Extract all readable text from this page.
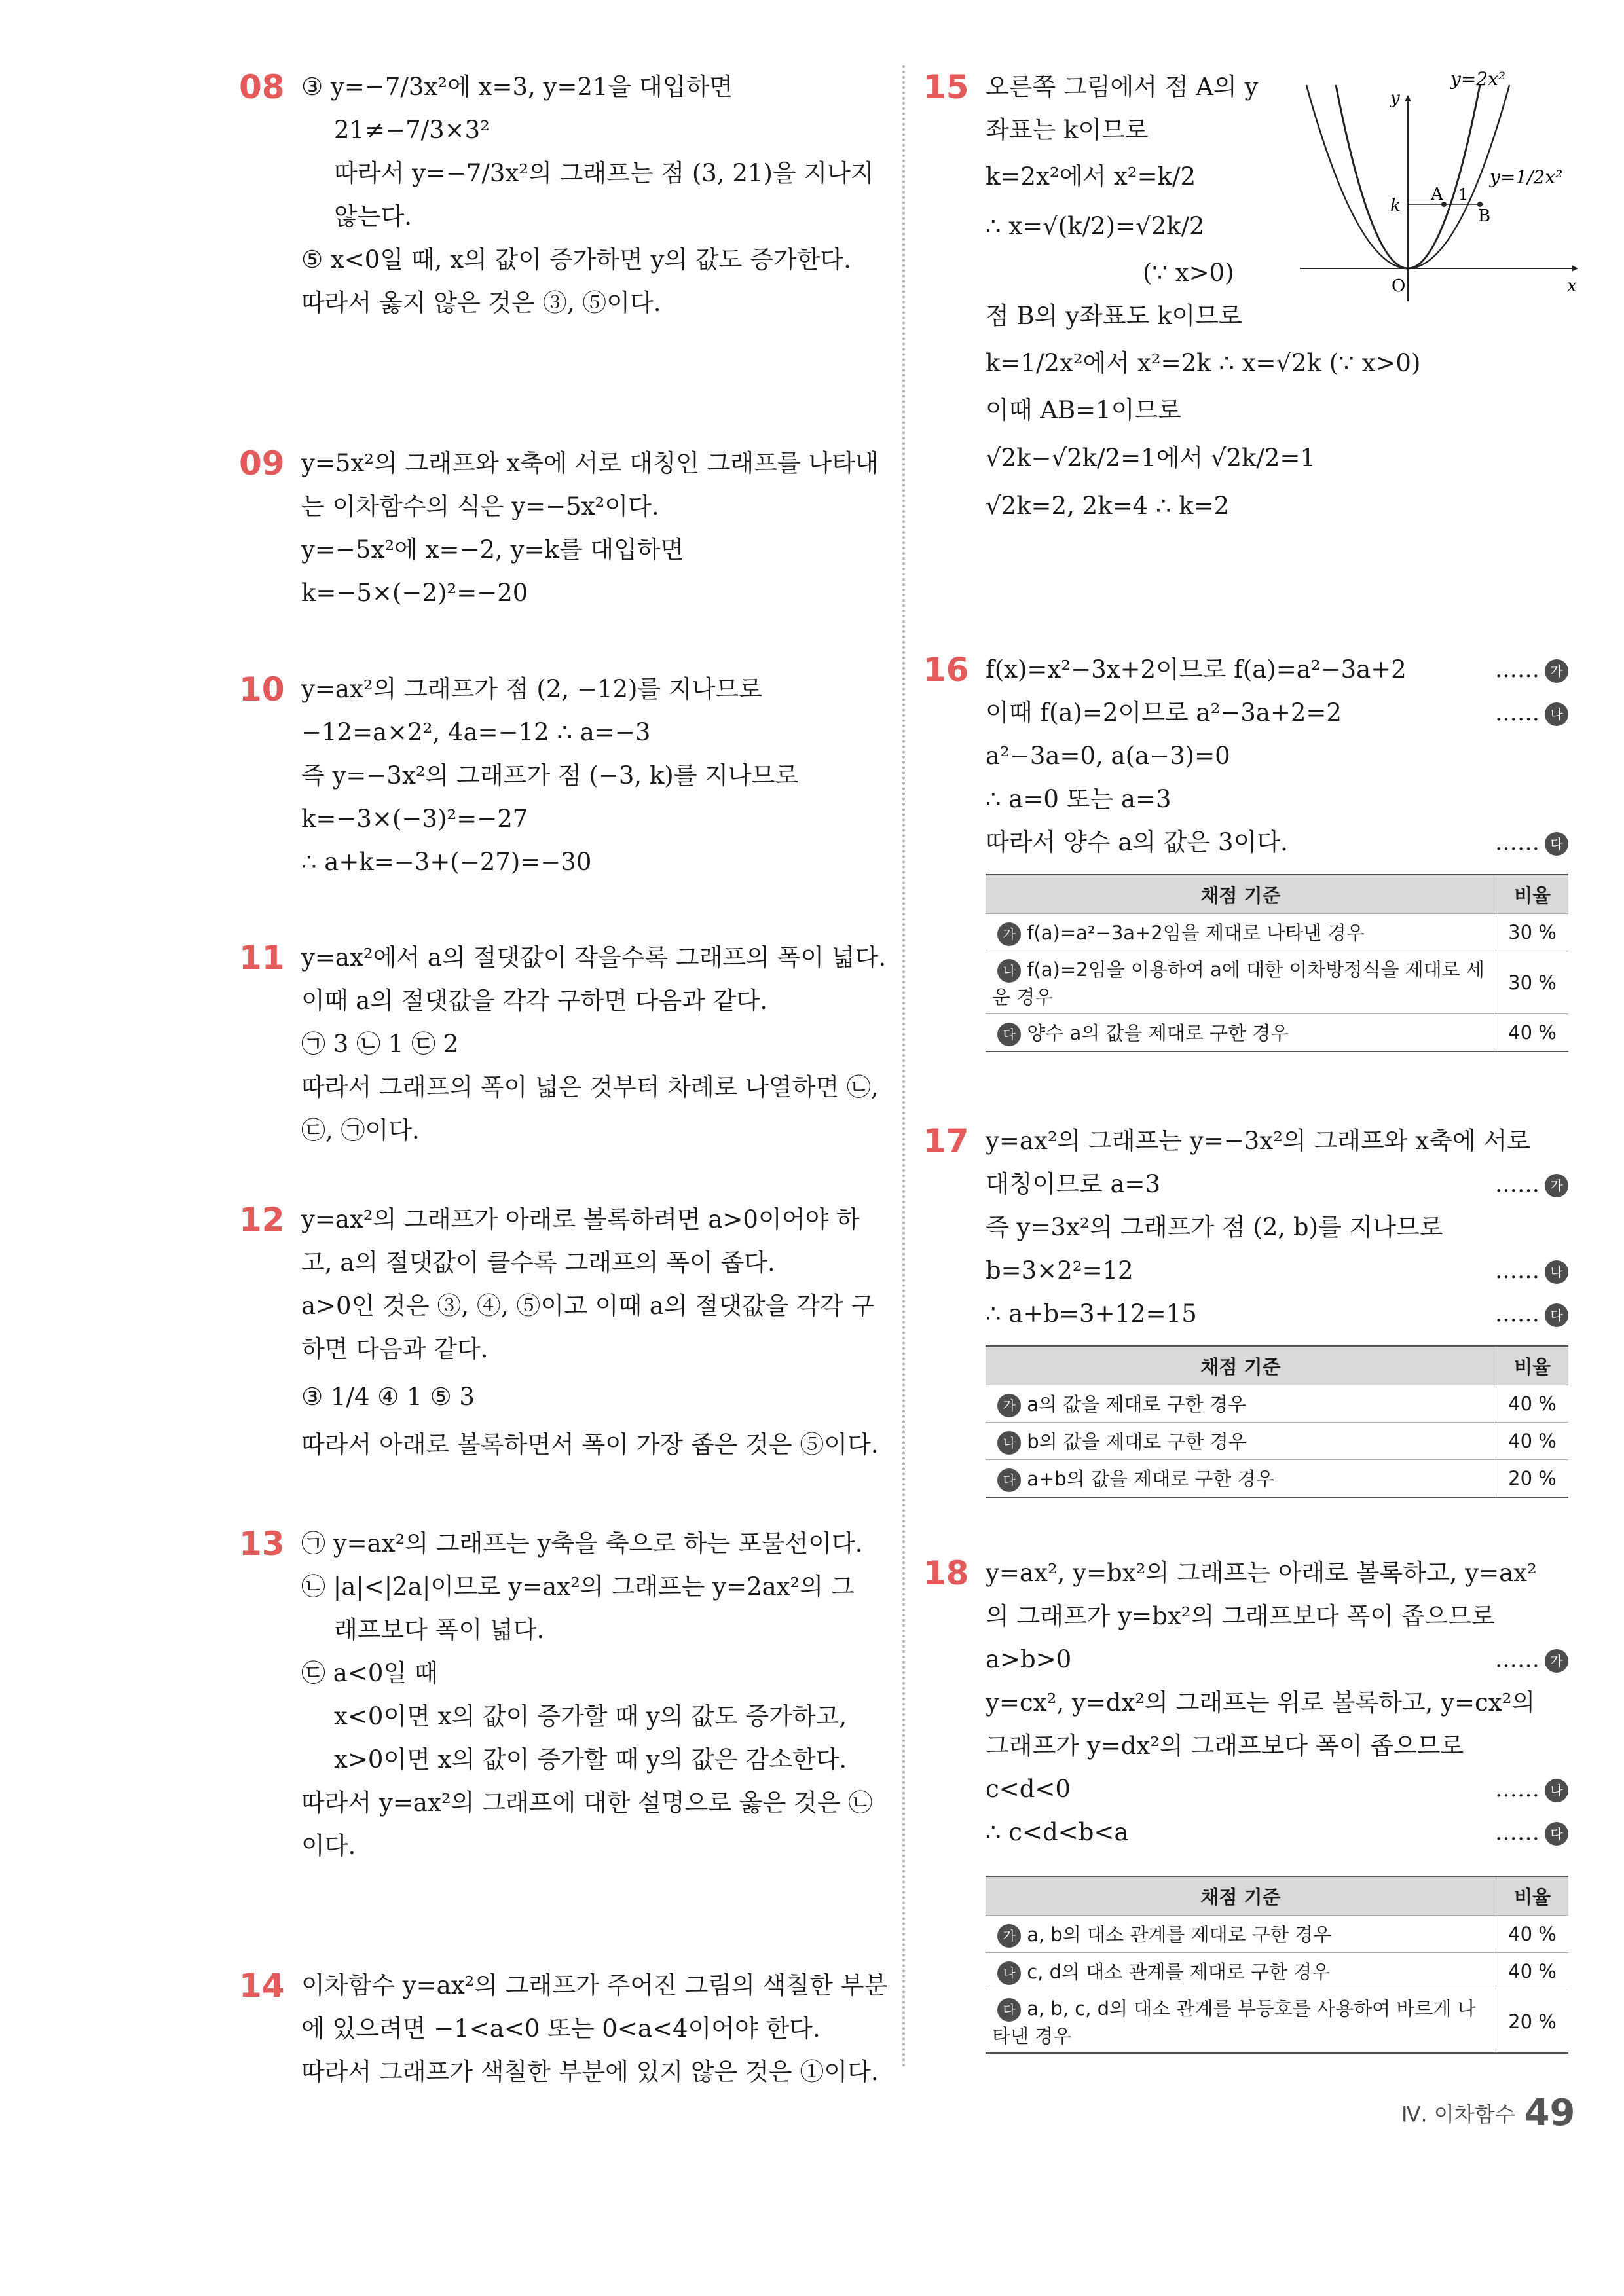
08 ③ y=−7/3x²에 x=3, y=21을 대입하면
21≠−7/3×3²
따라서 y=−7/3x²의 그래프는 점 (3, 21)을 지나지
않는다.
⑤ x<0일 때, x의 값이 증가하면 y의 값도 증가한다.
따라서 옳지 않은 것은 ③, ⑤이다.
09 y=5x²의 그래프와 x축에 서로 대칭인 그래프를 나타내
는 이차함수의 식은 y=−5x²이다.
y=−5x²에 x=−2, y=k를 대입하면
k=−5×(−2)²=−20
10 y=ax²의 그래프가 점 (2, −12)를 지나므로
−12=a×2², 4a=−12 ∴ a=−3
즉 y=−3x²의 그래프가 점 (−3, k)를 지나므로
k=−3×(−3)²=−27
∴ a+k=−3+(−27)=−30
11 y=ax²에서 a의 절댓값이 작을수록 그래프의 폭이 넓다.
이때 a의 절댓값을 각각 구하면 다음과 같다.
㉠ 3 ㉡ 1 ㉢ 2
따라서 그래프의 폭이 넓은 것부터 차례로 나열하면 ㉡,
㉢, ㉠이다.
12 y=ax²의 그래프가 아래로 볼록하려면 a>0이어야 하
고, a의 절댓값이 클수록 그래프의 폭이 좁다.
a>0인 것은 ③, ④, ⑤이고 이때 a의 절댓값을 각각 구
하면 다음과 같다.
③ 1/4 ④ 1 ⑤ 3
따라서 아래로 볼록하면서 폭이 가장 좁은 것은 ⑤이다.
13 ㉠ y=ax²의 그래프는 y축을 축으로 하는 포물선이다.
㉡ |a|<|2a|이므로 y=ax²의 그래프는 y=2ax²의 그
래프보다 폭이 넓다.
㉢ a<0일 때
x<0이면 x의 값이 증가할 때 y의 값도 증가하고,
x>0이면 x의 값이 증가할 때 y의 값은 감소한다.
따라서 y=ax²의 그래프에 대한 설명으로 옳은 것은 ㉡
이다.
14 이차함수 y=ax²의 그래프가 주어진 그림의 색칠한 부분
에 있으려면 −1<a<0 또는 0<a<4이어야 한다.
따라서 그래프가 색칠한 부분에 있지 않은 것은 ①이다.
15 오른쪽 그림에서 점 A의 y
좌표는 k이므로
k=2x²에서 x²=k/2
∴ x=√(k/2)=√2k/2
(∵ x>0)
점 B의 y좌표도 k이므로
k=1/2x²에서 x²=2k ∴ x=√2k (∵ x>0)
이때 AB=1이므로
√2k−√2k/2=1에서 √2k/2=1
√2k=2, 2k=4 ∴ k=2
y=2x²
y=1/2x²
y
x
O
k
A 1
B
16 f(x)=x²−3x+2이므로 f(a)=a²−3a+2	…… 가
이때 f(a)=2이므로 a²−3a+2=2	…… 나
a²−3a=0, a(a−3)=0
∴ a=0 또는 a=3
따라서 양수 a의 값은 3이다.	…… 다
채점 기준	비율
가 f(a)=a²−3a+2임을 제대로 나타낸 경우	30 %
나 f(a)=2임을 이용하여 a에 대한 이차방정식을 제대로 세운 경우	30 %
다 양수 a의 값을 제대로 구한 경우	40 %
17 y=ax²의 그래프는 y=−3x²의 그래프와 x축에 서로
대칭이므로 a=3	…… 가
즉 y=3x²의 그래프가 점 (2, b)를 지나므로
b=3×2²=12	…… 나
∴ a+b=3+12=15	…… 다
채점 기준	비율
가 a의 값을 제대로 구한 경우	40 %
나 b의 값을 제대로 구한 경우	40 %
다 a+b의 값을 제대로 구한 경우	20 %
18 y=ax², y=bx²의 그래프는 아래로 볼록하고, y=ax²
의 그래프가 y=bx²의 그래프보다 폭이 좁으므로
a>b>0	…… 가
y=cx², y=dx²의 그래프는 위로 볼록하고, y=cx²의
그래프가 y=dx²의 그래프보다 폭이 좁으므로
c<d<0	…… 나
∴ c<d<b<a	…… 다
채점 기준	비율
가 a, b의 대소 관계를 제대로 구한 경우	40 %
나 c, d의 대소 관계를 제대로 구한 경우	40 %
다 a, b, c, d의 대소 관계를 부등호를 사용하여 바르게 나타낸 경우	20 %
Ⅳ. 이차함수 49
